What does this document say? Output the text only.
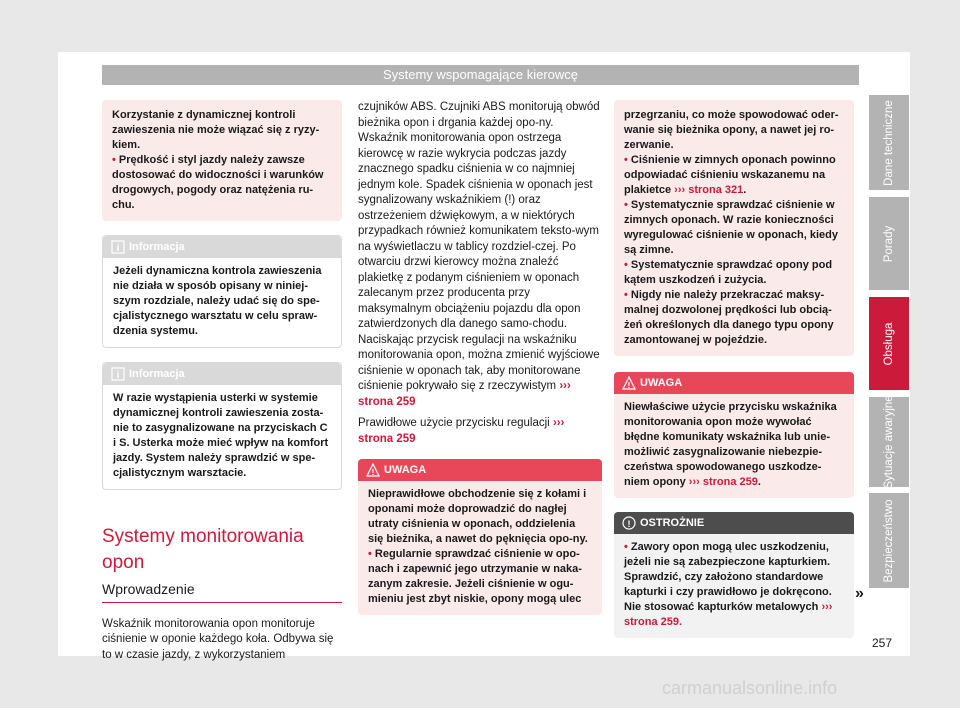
Systemy wspomagające kierowcę
Dane techniczne
Porady
Obsługa
Sytuacje awaryjne
Bezpieczeństwo

Korzystanie z dynamicznej kontroli zawieszenia nie może wiązać się z ryzy-kiem.

• Prędkość i styl jazdy należy zawsze dostosować do widoczności i warunków drogowych, pogody oraz natężenia ru-chu.

i Informacja

Jeżeli dynamiczna kontrola zawieszenia nie działa w sposób opisany w niniej-szym rozdziale, należy udać się do spe-cjalistycznego warsztatu w celu spraw-dzenia systemu.

i Informacja

W razie wystąpienia usterki w systemie dynamicznej kontroli zawieszenia zosta-nie to zasygnalizowane na przyciskach C i S. Usterka może mieć wpływ na komfort jazdy. System należy sprawdzić w spe-cjalistycznym warsztacie.

Systemy monitorowania opon
Wprowadzenie

Wskaźnik monitorowania opon monitoruje ciśnienie w oponie każdego koła. Odbywa się to w czasie jazdy, z wykorzystaniem

czujników ABS. Czujniki ABS monitorują obwód bieżnika opon i drgania każdej opo-ny. Wskaźnik monitorowania opon ostrzega kierowcę w razie wykrycia podczas jazdy znacznego spadku ciśnienia w co najmniej jednym kole. Spadek ciśnienia w oponach jest sygnalizowany wskaźnikiem (!) oraz ostrzeżeniem dźwiękowym, a w niektórych przypadkach również komunikatem teksto-wym na wyświetlaczu w tablicy rozdziel-czej. Po otwarciu drzwi kierowcy można znaleźć plakietkę z podanym ciśnieniem w oponach zalecanym przez producenta przy maksymalnym obciążeniu pojazdu dla opon zatwierdzonych dla danego samo-chodu. Naciskając przycisk regulacji na wskaźniku monitorowania opon, można zmienić wyjściowe ciśnienie w oponach tak, aby monitorowane ciśnienie pokrywało się z rzeczywistym ››› strona 259

Prawidłowe użycie przycisku regulacji ››› strona 259

! UWAGA

Nieprawidłowe obchodzenie się z kołami i oponami może doprowadzić do nagłej utraty ciśnienia w oponach, oddzielenia się bieżnika, a nawet do pęknięcia opo-ny.

• Regularnie sprawdzać ciśnienie w opo-nach i zapewnić jego utrzymanie w naka-zanym zakresie. Jeżeli ciśnienie w ogu-mieniu jest zbyt niskie, opony mogą ulec

przegrzaniu, co może spowodować oder-wanie się bieżnika opony, a nawet jej ro-zerwanie.

• Ciśnienie w zimnych oponach powinno odpowiadać ciśnieniu wskazanemu na plakietce ››› strona 321.

• Systematycznie sprawdzać ciśnienie w zimnych oponach. W razie konieczności wyregulować ciśnienie w oponach, kiedy są zimne.

• Systematycznie sprawdzać opony pod kątem uszkodzeń i zużycia.

• Nigdy nie należy przekraczać maksy-malnej dozwolonej prędkości lub obcią-żeń określonych dla danego typu opony zamontowanej w pojeździe.

! UWAGA

Niewłaściwe użycie przycisku wskaźnika monitorowania opon może wywołać błędne komunikaty wskaźnika lub unie-możliwić zasygnalizowanie niebezpie-czeństwa spowodowanego uszkodze-niem opony ››› strona 259.

! OSTROŻNIE

• Zawory opon mogą ulec uszkodzeniu, jeżeli nie są zabezpieczone kapturkiem. Sprawdzić, czy założono standardowe kapturki i czy prawidłowo je dokręcono. Nie stosować kapturków metalowych ››› strona 259.

»
257
carmanualsonline.info
